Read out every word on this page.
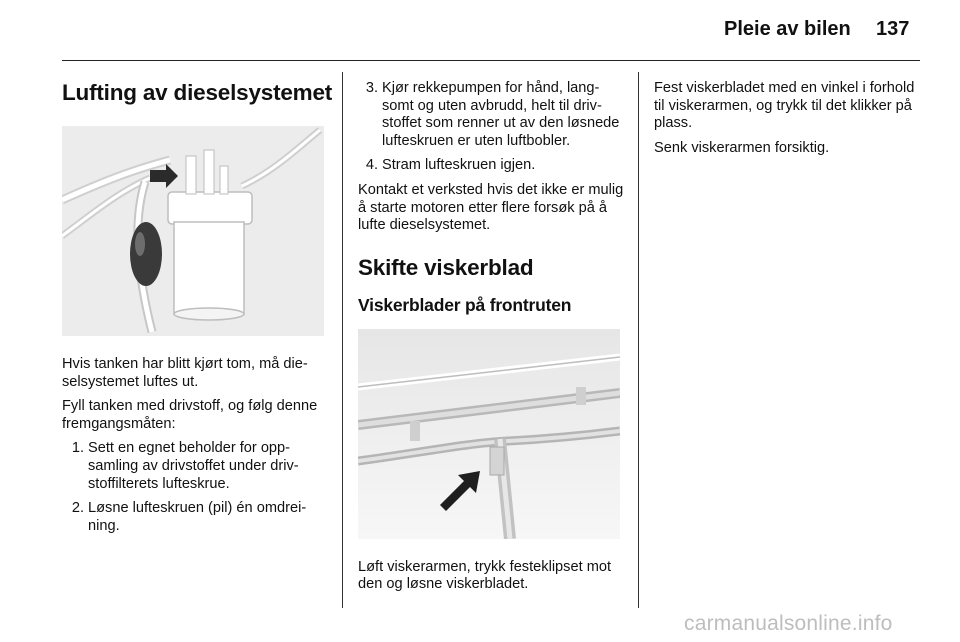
Pleie av bilen 137
Lufting av dieselsystemet

Hvis tanken har blitt kjørt tom, må dieselsystemet luftes ut.

Fyll tanken med drivstoff, og følg denne fremgangsmåten:

1. Sett en egnet beholder for oppsamling av drivstoffet under drivstoffilterets lufteskrue.
2. Løsne lufteskruen (pil) én omdreining.
3. Kjør rekkepumpen for hånd, langsomt og uten avbrudd, helt til drivstoffet som renner ut av den løsnede lufteskruen er uten luftbobler.
4. Stram lufteskruen igjen.

Kontakt et verksted hvis det ikke er mulig å starte motoren etter flere forsøk på å lufte dieselsystemet.

Skifte viskerblad
Viskerblader på frontruten

Løft viskerarmen, trykk festeklipset mot den og løsne viskerbladet.

Fest viskerbladet med en vinkel i forhold til viskerarmen, og trykk til det klikker på plass.

Senk viskerarmen forsiktig.

carmanualsonline.info
